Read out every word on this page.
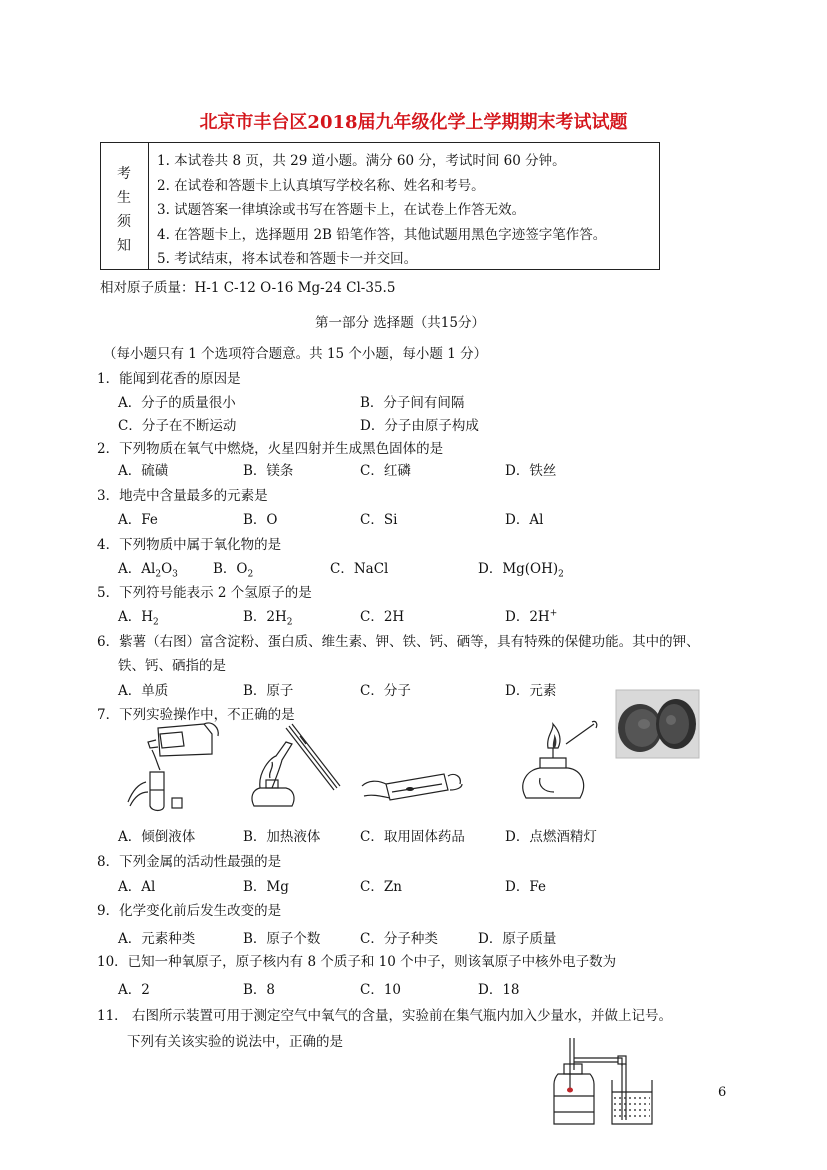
北京市丰台区2018届九年级化学上学期期末考试试题
考
生
须
知
1. 本试卷共 8 页，共 29 道小题。满分 60 分，考试时间 60 分钟。
2. 在试卷和答题卡上认真填写学校名称、姓名和考号。
3. 试题答案一律填涂或书写在答题卡上，在试卷上作答无效。
4. 在答题卡上，选择题用 2B 铅笔作答，其他试题用黑色字迹签字笔作答。
5. 考试结束，将本试卷和答题卡一并交回。
相对原子质量：H-1 C-12 O-16 Mg-24 Cl-35.5
第一部分 选择题（共15分）
（每小题只有 1 个选项符合题意。共 15 个小题，每小题 1 分）
1．能闻到花香的原因是
A．分子的质量很小	B．分子间有间隔
C．分子在不断运动	D．分子由原子构成
2．下列物质在氧气中燃烧，火星四射并生成黑色固体的是
A．硫磺	B．镁条	C．红磷	D．铁丝
3．地壳中含量最多的元素是
A．Fe	B．O	C．Si	D．Al
4．下列物质中属于氧化物的是
A．$Al_2O_3$	B．$O_2$	C．NaCl	D．$Mg(OH)_2$
5．下列符号能表示 2 个氢原子的是
A．$H_2$	B．$2H_2$	C．2H	D．2H+
6．紫薯（右图）富含淀粉、蛋白质、维生素、钾、铁、钙、硒等，具有特殊的保健功能。其中的钾、
铁、钙、硒指的是
A．单质	B．原子	C．分子	D．元素
7．下列实验操作中，不正确的是
A．倾倒液体	B．加热液体	C．取用固体药品	D．点燃酒精灯
8．下列金属的活动性最强的是
A．Al	B．Mg	C．Zn	D．Fe
9．化学变化前后发生改变的是
A．元素种类	B．原子个数	C．分子种类	D．原子质量
10．已知一种氧原子，原子核内有 8 个质子和 10 个中子，则该氧原子中核外电子数为
A．2	B．8	C．10	D．18
11． 右图所示装置可用于测定空气中氧气的含量，实验前在集气瓶内加入少量水，并做上记号。
下列有关该实验的说法中，正确的是
6
